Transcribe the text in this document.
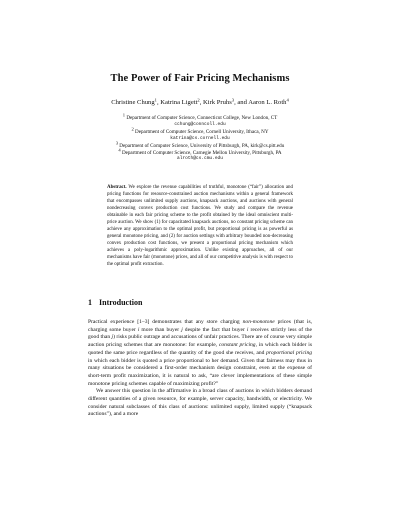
The Power of Fair Pricing Mechanisms
Christine Chung$^1$, Katrina Ligett$^2$, Kirk Pruhs$^3$, and Aaron L. Roth$^4$
$^1$ Department of Computer Science, Connecticut College, New London, CT
cchung@conncoll.edu
$^2$ Department of Computer Science, Cornell University, Ithaca, NY
katrina@cs.cornell.edu
$^3$ Department of Computer Science, University of Pittsburgh, PA, kirk@cs.pitt.edu
$^4$ Department of Computer Science, Carnegie Mellon University, Pittsburgh, PA
alroth@cs.cmu.edu
Abstract. We explore the revenue capabilities of truthful, monotone (“fair”) allocation and pricing functions for resource-constrained auction mechanisms within a general framework that encompasses unlimited supply auctions, knapsack auctions, and auctions with general nondecreasing convex production cost functions. We study and compare the revenue obtainable in each fair pricing scheme to the profit obtained by the ideal omniscient multi-price auction. We show (1) for capacitated knapsack auctions, no constant pricing scheme can achieve any approximation to the optimal profit, but proportional pricing is as powerful as general monotone pricing, and (2) for auction settings with arbitrary bounded non-decreasing convex production cost functions, we present a proportional pricing mechanism which achieves a poly-logarithmic approximation. Unlike existing approaches, all of our mechanisms have fair (monotone) prices, and all of our competitive analysis is with respect to the optimal profit extraction.
1 Introduction

Practical experience [1–3] demonstrates that any store charging non-monotone prices (that is, charging some buyer i more than buyer j despite the fact that buyer i receives strictly less of the good than j) risks public outrage and accusations of unfair practices. There are of course very simple auction pricing schemes that are monotone: for example, constant pricing, in which each bidder is quoted the same price regardless of the quantity of the good she receives, and proportional pricing in which each bidder is quoted a price proportional to her demand. Given that fairness may thus in many situations be considered a first-order mechanism design constraint, even at the expense of short-term profit maximization, it is natural to ask, “are clever implementations of these simple monotone pricing schemes capable of maximizing profit?”

We answer this question in the affirmative in a broad class of auctions in which bidders demand different quantities of a given resource, for example, server capacity, bandwidth, or electricity. We consider natural subclasses of this class of auctions: unlimited supply, limited supply (“knapsack auctions”), and a more
